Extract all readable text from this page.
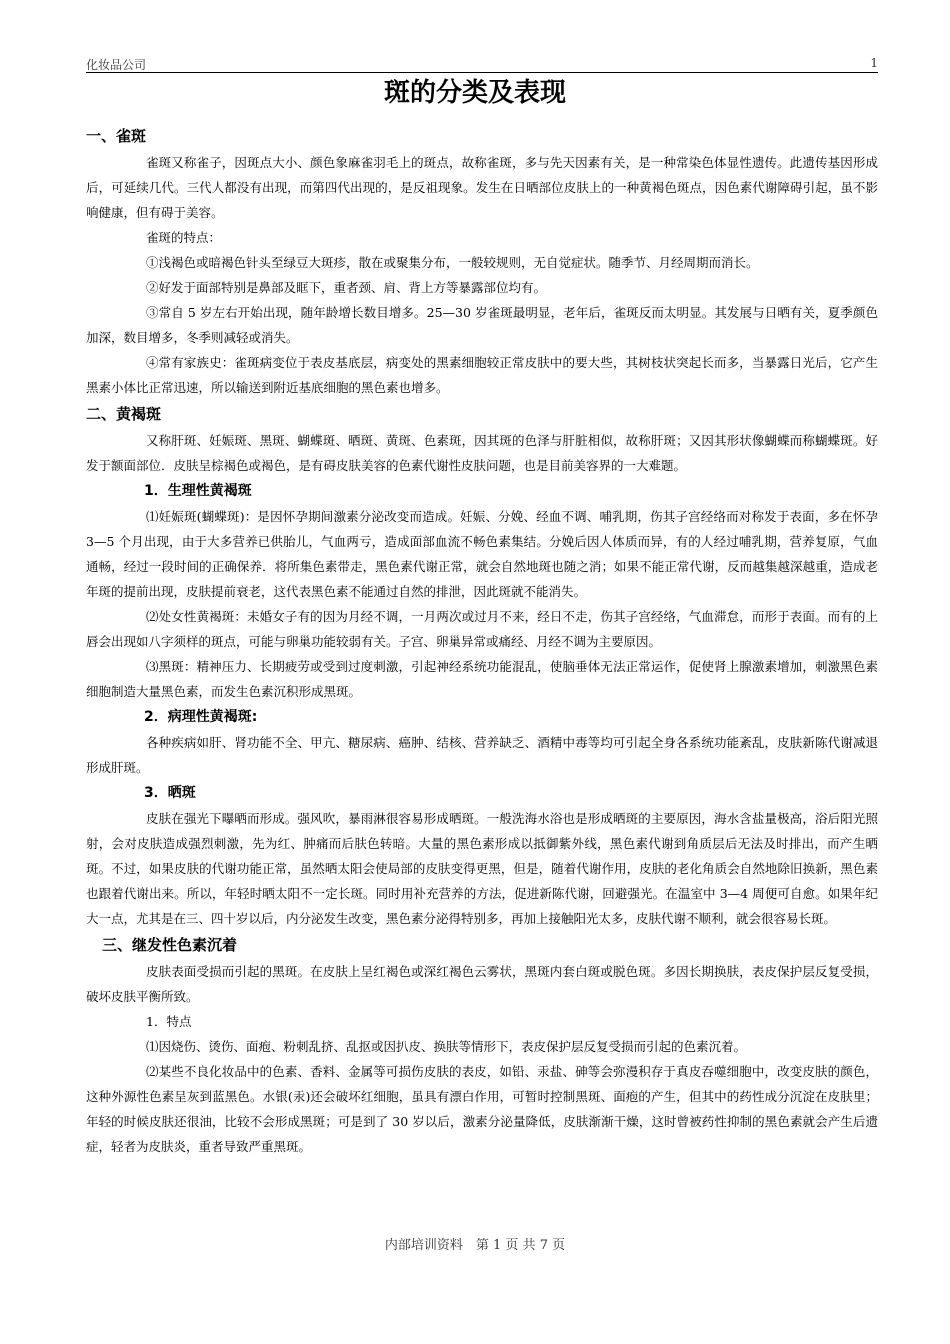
化妆品公司	1
斑的分类及表现
一、雀斑

雀斑又称雀子，因斑点大小、颜色象麻雀羽毛上的斑点，故称雀斑，多与先天因素有关，是一种常染色体显性遗传。此遗传基因形成后，可延续几代。三代人都没有出现，而第四代出现的，是反祖现象。发生在日晒部位皮肤上的一种黄褐色斑点，因色素代谢障碍引起，虽不影响健康，但有碍于美容。

雀斑的特点：

①浅褐色或暗褐色针头至绿豆大斑疹，散在或聚集分布，一般较规则，无自觉症状。随季节、月经周期而消长。

②好发于面部特别是鼻部及眶下，重者颈、肩、背上方等暴露部位均有。

③常自 5 岁左右开始出现，随年龄增长数目增多。25—30 岁雀斑最明显，老年后，雀斑反而太明显。其发展与日晒有关，夏季颜色加深，数目增多，冬季则减轻或消失。

④常有家族史：雀斑病变位于表皮基底层，病变处的黑素细胞较正常皮肤中的要大些，其树枝状突起长而多，当暴露日光后，它产生黑素小体比正常迅速，所以输送到附近基底细胞的黑色素也增多。

二、黄褐斑

又称肝斑、妊娠斑、黑斑、蝴蝶斑、晒斑、黄斑、色素斑，因其斑的色泽与肝脏相似，故称肝斑；又因其形状像蝴蝶而称蝴蝶斑。好发于额面部位．皮肤呈棕褐色或褐色，是有碍皮肤美容的色素代谢性皮肤问题，也是目前美容界的一大难题。

1．生理性黄褐斑

⑴妊娠斑(蝴蝶斑)：是因怀孕期间激素分泌改变而造成。妊娠、分娩、经血不调、哺乳期，伤其子宫经络而对称发于表面，多在怀孕 3—5 个月出现，由于大多营养已供胎儿，气血两亏，造成面部血流不畅色素集结。分娩后因人体质而异，有的人经过哺乳期，营养复原，气血通畅，经过一段时间的正确保养．将所集色素带走，黑色素代谢正常，就会自然地斑也随之消；如果不能正常代谢，反而越集越深越重，造成老年斑的提前出现，皮肤提前衰老，这代表黑色素不能通过自然的排泄，因此斑就不能消失。

⑵处女性黄褐斑：未婚女子有的因为月经不调，一月两次或过月不来，经日不走，伤其子宫经络，气血滞怠，而形于表面。而有的上唇会出现如八字须样的斑点，可能与卵巢功能较弱有关。子宫、卵巢异常或痛经、月经不调为主要原因。

⑶黑斑：精神压力、长期疲劳或受到过度刺激，引起神经系统功能混乱，使脑垂体无法正常运作，促使肾上腺激素增加，刺激黑色素细胞制造大量黑色素，而发生色素沉积形成黑斑。

2．病理性黄褐斑:

各种疾病如肝、肾功能不全、甲亢、糖尿病、癌肿、结核、营养缺乏、酒精中毒等均可引起全身各系统功能紊乱，皮肤新陈代谢减退形成肝斑。

3．晒斑

皮肤在强光下曝晒而形成。强风吹，暴雨淋很容易形成晒斑。一般洗海水浴也是形成晒斑的主要原因，海水含盐量极高，浴后阳光照射，会对皮肤造成强烈刺激，先为红、肿痛而后肤色转暗。大量的黑色素形成以抵御紫外线，黑色素代谢到角质层后无法及时排出，而产生晒斑。不过，如果皮肤的代谢功能正常，虽然晒太阳会使局部的皮肤变得更黑，但是，随着代谢作用，皮肤的老化角质会自然地除旧换新，黑色素也跟着代谢出来。所以，年轻时晒太阳不一定长斑。同时用补充营养的方法，促进新陈代谢，回避强光。在温室中 3—4 周便可自愈。如果年纪大一点，尤其是在三、四十岁以后，内分泌发生改变，黑色素分泌得特别多，再加上接触阳光太多，皮肤代谢不顺利，就会很容易长斑。

三、继发性色素沉着

皮肤表面受损而引起的黑斑。在皮肤上呈红褐色或深红褐色云雾状，黑斑内套白斑或脱色斑。多因长期换肤，表皮保护层反复受损，破坏皮肤平衡所致。

1．特点

⑴因烧伤、烫伤、面疱、粉刺乱挤、乱抠或因扒皮、换肤等情形下，表皮保护层反复受损而引起的色素沉着。

⑵某些不良化妆品中的色素、香料、金属等可损伤皮肤的表皮，如铅、汞盐、砷等会弥漫积存于真皮吞噬细胞中，改变皮肤的颜色，这种外源性色素呈灰到蓝黑色。水银(汞)还会破坏红细胞，虽具有漂白作用，可暂时控制黑斑、面疱的产生，但其中的药性成分沉淀在皮肤里；年轻的时候皮肤还很油，比较不会形成黑斑；可是到了 30 岁以后，激素分泌量降低，皮肤渐渐干燥，这时曾被药性抑制的黑色素就会产生后遗症，轻者为皮肤炎，重者导致严重黑斑。

内部培训资料　第 1 页 共 7 页
